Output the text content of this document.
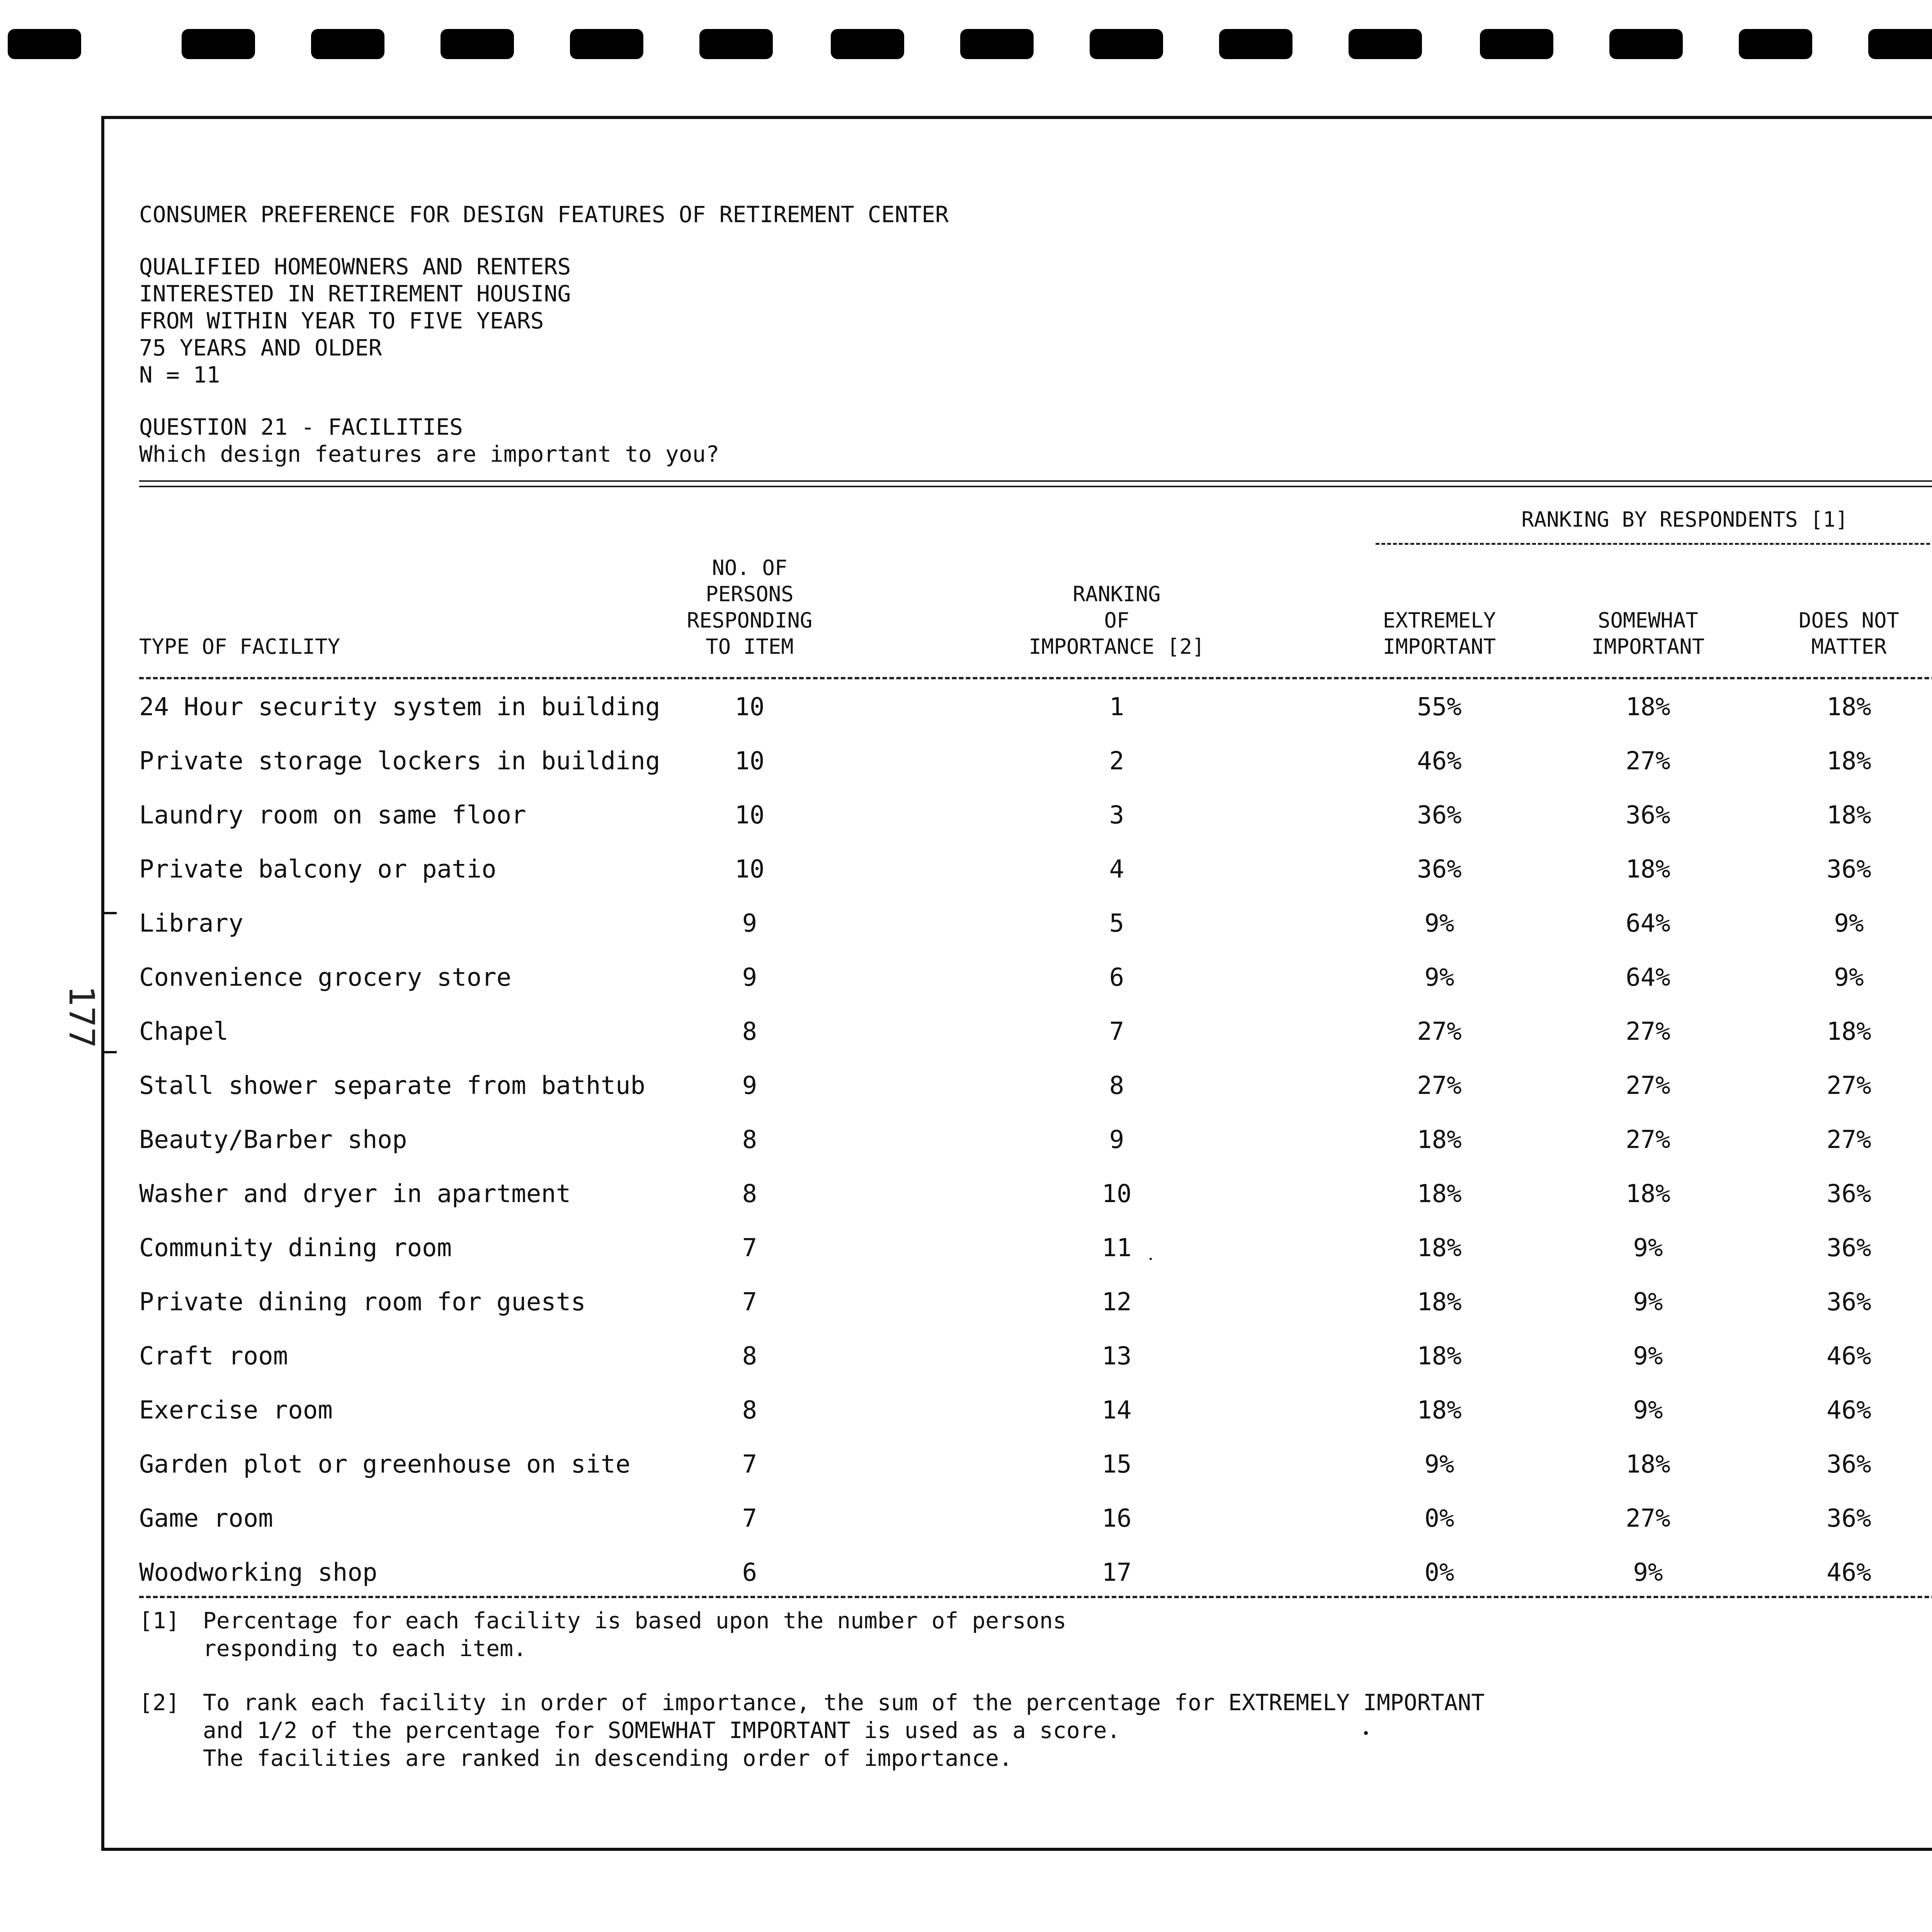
177
CONSUMER PREFERENCE FOR DESIGN FEATURES OF RETIREMENT CENTER
QUALIFIED HOMEOWNERS AND RENTERS
INTERESTED IN RETIREMENT HOUSING
FROM WITHIN YEAR TO FIVE YEARS
75 YEARS AND OLDER
N = 11
QUESTION 21 - FACILITIES
Which design features are important to you?
RANKING BY RESPONDENTS [1]
TYPE OF FACILITY
NO. OF
PERSONS
RESPONDING
TO ITEM
RANKING
OF
IMPORTANCE [2]
EXTREMELY
IMPORTANT
SOMEWHAT
IMPORTANT
DOES NOT
MATTER
24 Hour security system in building	10	1	55%	18%	18%
Private storage lockers in building	10	2	46%	27%	18%
Laundry room on same floor	10	3	36%	36%	18%
Private balcony or patio	10	4	36%	18%	36%
Library	9	5	9%	64%	9%
Convenience grocery store	9	6	9%	64%	9%
Chapel	8	7	27%	27%	18%
Stall shower separate from bathtub	9	8	27%	27%	27%
Beauty/Barber shop	8	9	18%	27%	27%
Washer and dryer in apartment	8	10	18%	18%	36%
Community dining room	7	11	18%	9%	36%
Private dining room for guests	7	12	18%	9%	36%
Craft room	8	13	18%	9%	46%
Exercise room	8	14	18%	9%	46%
Garden plot or greenhouse on site	7	15	9%	18%	36%
Game room	7	16	0%	27%	36%
Woodworking shop	6	17	0%	9%	46%
[1] Percentage for each facility is based upon the number of persons
responding to each item.
[2] To rank each facility in order of importance, the sum of the percentage for EXTREMELY IMPORTANT
and 1/2 of the percentage for SOMEWHAT IMPORTANT is used as a score.
The facilities are ranked in descending order of importance.
